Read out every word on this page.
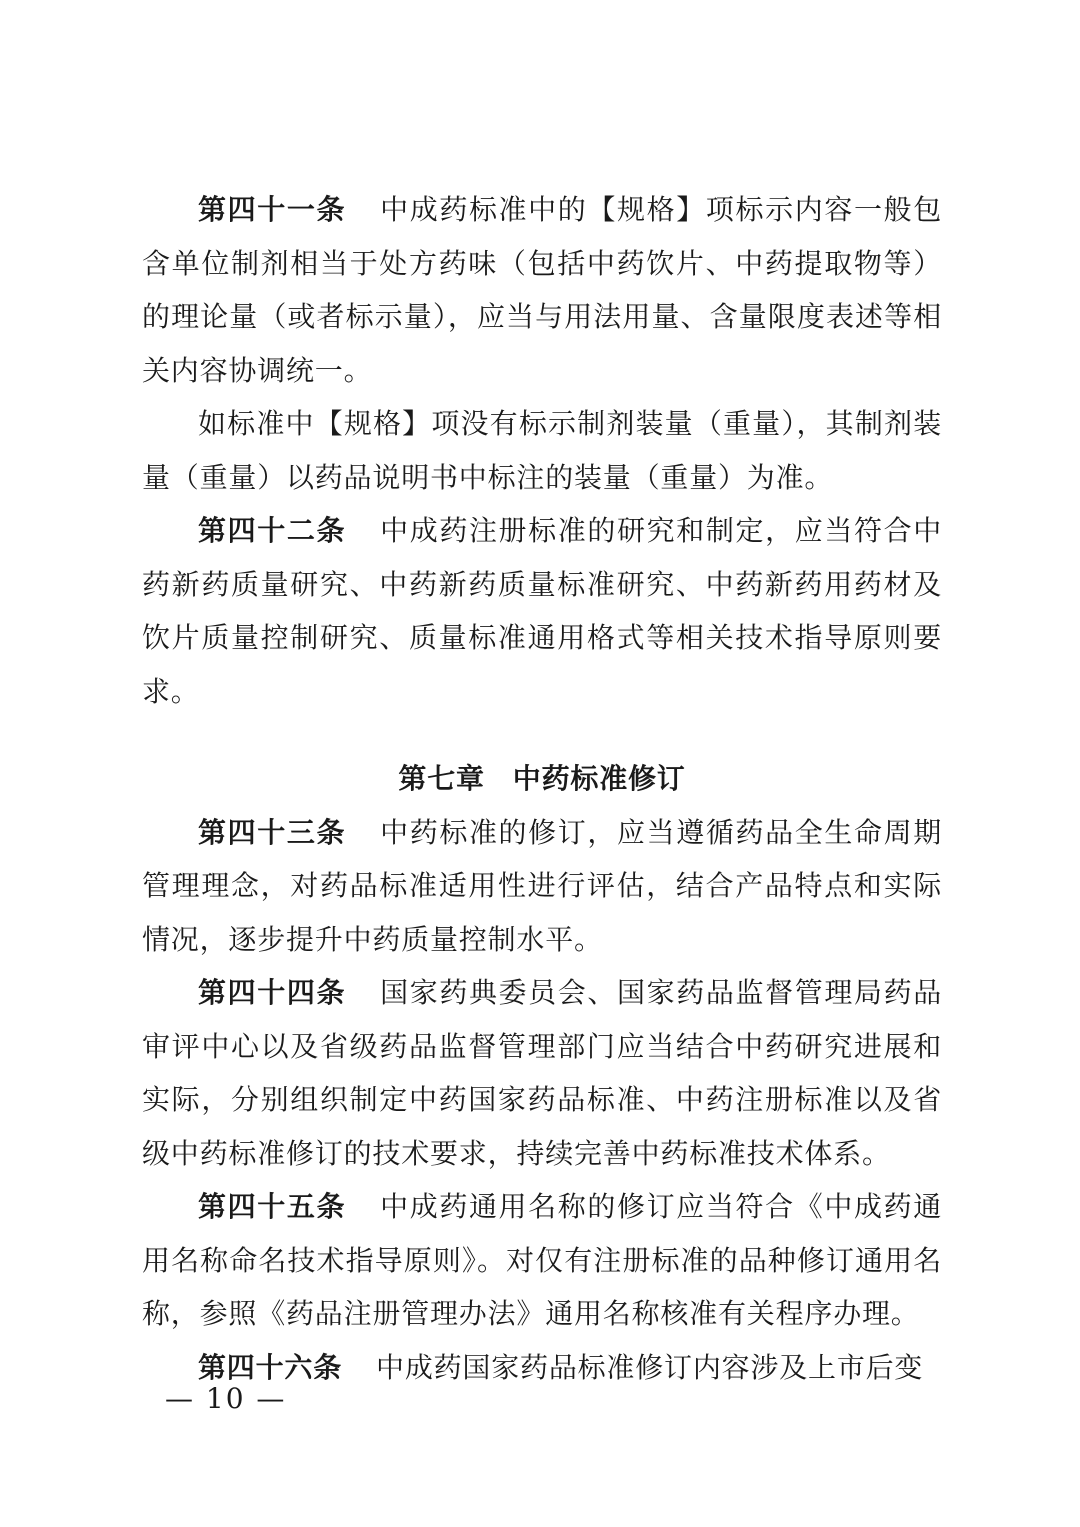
第四十一条 中成药标准中的【规格】项标示内容一般包含单位制剂相当于处方药味（包括中药饮片、中药提取物等）的理论量（或者标示量），应当与用法用量、含量限度表述等相关内容协调统一。

如标准中【规格】项没有标示制剂装量（重量），其制剂装量（重量）以药品说明书中标注的装量（重量）为准。

第四十二条 中成药注册标准的研究和制定，应当符合中药新药质量研究、中药新药质量标准研究、中药新药用药材及饮片质量控制研究、质量标准通用格式等相关技术指导原则要求。

第七章 中药标准修订

第四十三条 中药标准的修订，应当遵循药品全生命周期管理理念，对药品标准适用性进行评估，结合产品特点和实际情况，逐步提升中药质量控制水平。

第四十四条 国家药典委员会、国家药品监督管理局药品审评中心以及省级药品监督管理部门应当结合中药研究进展和实际，分别组织制定中药国家药品标准、中药注册标准以及省级中药标准修订的技术要求，持续完善中药标准技术体系。

第四十五条 中成药通用名称的修订应当符合《中成药通用名称命名技术指导原则》。对仅有注册标准的品种修订通用名称，参照《药品注册管理办法》通用名称核准有关程序办理。

第四十六条 中成药国家药品标准修订内容涉及上市后变

— 10 —
